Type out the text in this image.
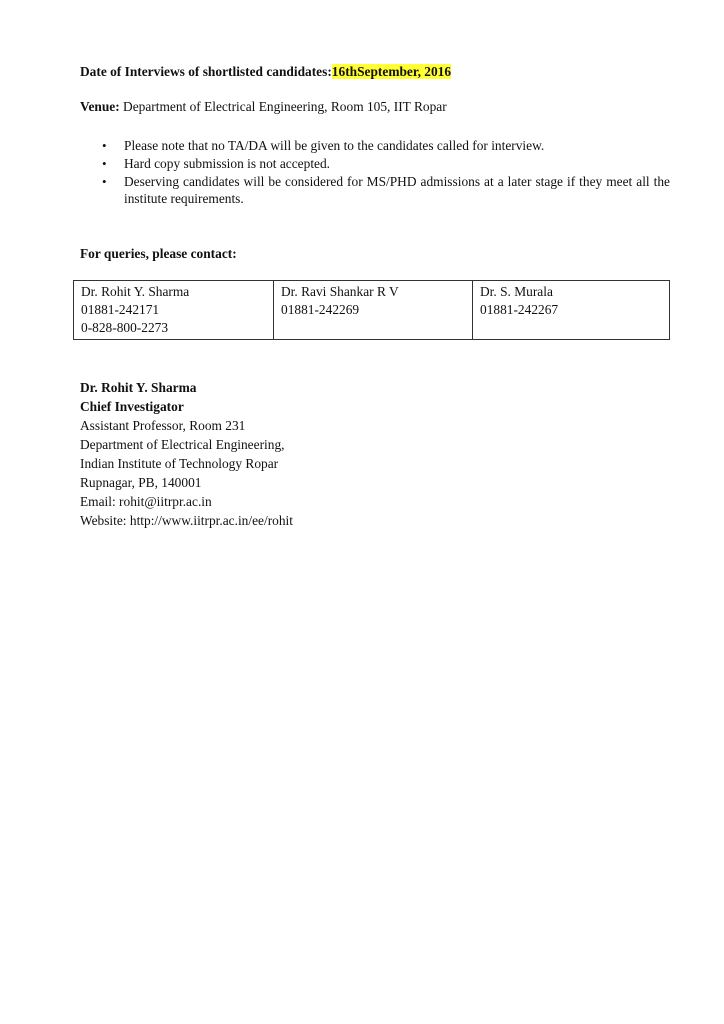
Date of Interviews of shortlisted candidates:16thSeptember, 2016
Venue: Department of Electrical Engineering, Room 105, IIT Ropar
• Please note that no TA/DA will be given to the candidates called for interview.
• Hard copy submission is not accepted.
• Deserving candidates will be considered for MS/PHD admissions at a later stage if they meet all the institute requirements.
For queries, please contact:
Dr. Rohit Y. Sharma
01881-242171
0-828-800-2273

Dr. Ravi Shankar R V
01881-242269

Dr. S. Murala
01881-242267
Dr. Rohit Y. Sharma
Chief Investigator
Assistant Professor, Room 231
Department of Electrical Engineering,
Indian Institute of Technology Ropar
Rupnagar, PB, 140001
Email: rohit@iitrpr.ac.in
Website: http://www.iitrpr.ac.in/ee/rohit
